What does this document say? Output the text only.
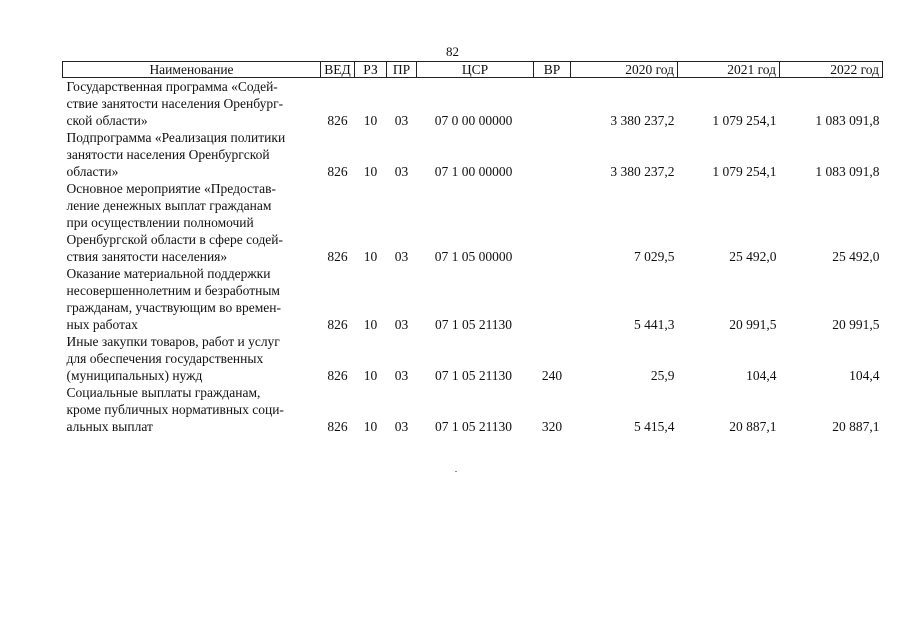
82
Наименование	ВЕД	РЗ	ПР	ЦСР	ВР	2020 год	2021 год	2022 год

Государственная программа «Содей-
ствие занятости населения Оренбург-
ской области»	826	10	03	07 0 00 00000		3 380 237,2	1 079 254,1	1 083 091,8

Подпрограмма «Реализация политики
занятости населения Оренбургской
области»	826	10	03	07 1 00 00000		3 380 237,2	1 079 254,1	1 083 091,8

Основное мероприятие «Предостав-
ление денежных выплат гражданам
при осуществлении полномочий
Оренбургской области в сфере содей-
ствия занятости населения»	826	10	03	07 1 05 00000		7 029,5	25 492,0	25 492,0

Оказание материальной поддержки
несовершеннолетним и безработным
гражданам, участвующим во времен-
ных работах	826	10	03	07 1 05 21130		5 441,3	20 991,5	20 991,5

Иные закупки товаров, работ и услуг
для обеспечения государственных
(муниципальных) нужд	826	10	03	07 1 05 21130	240	25,9	104,4	104,4

Социальные выплаты гражданам,
кроме публичных нормативных соци-
альных выплат	826	10	03	07 1 05 21130	320	5 415,4	20 887,1	20 887,1
